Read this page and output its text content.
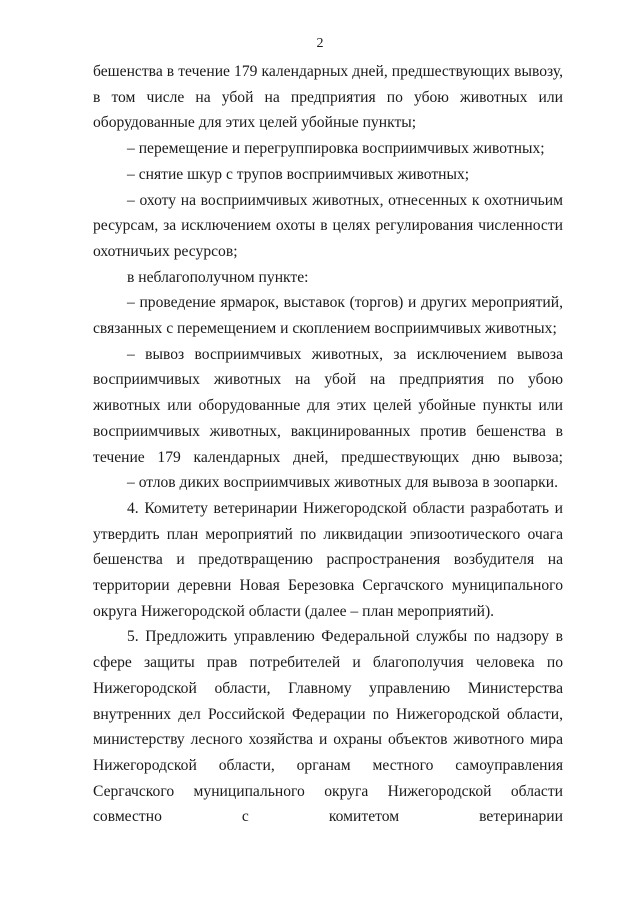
2

бешенства в течение 179 календарных дней, предшествующих вывозу, в том числе на убой на предприятия по убою животных или оборудованные для этих целей убойные пункты;

– перемещение и перегруппировка восприимчивых животных;

– снятие шкур с трупов восприимчивых животных;

– охоту на восприимчивых животных, отнесенных к охотничьим ресурсам, за исключением охоты в целях регулирования численности охотничьих ресурсов;

в неблагополучном пункте:

– проведение ярмарок, выставок (торгов) и других мероприятий, связанных с перемещением и скоплением восприимчивых животных;

– вывоз восприимчивых животных, за исключением вывоза восприимчивых животных на убой на предприятия по убою животных или оборудованные для этих целей убойные пункты или восприимчивых животных, вакцинированных против бешенства в течение 179 календарных дней, предшествующих дню вывоза;

– отлов диких восприимчивых животных для вывоза в зоопарки.

4. Комитету ветеринарии Нижегородской области разработать и утвердить план мероприятий по ликвидации эпизоотического очага бешенства и предотвращению распространения возбудителя на территории деревни Новая Березовка Сергачского муниципального округа Нижегородской области (далее – план мероприятий).

5. Предложить управлению Федеральной службы по надзору в сфере защиты прав потребителей и благополучия человека по Нижегородской области, Главному управлению Министерства внутренних дел Российской Федерации по Нижегородской области, министерству лесного хозяйства и охраны объектов животного мира Нижегородской области, органам местного самоуправления Сергачского муниципального округа Нижегородской области совместно с комитетом ветеринарии
